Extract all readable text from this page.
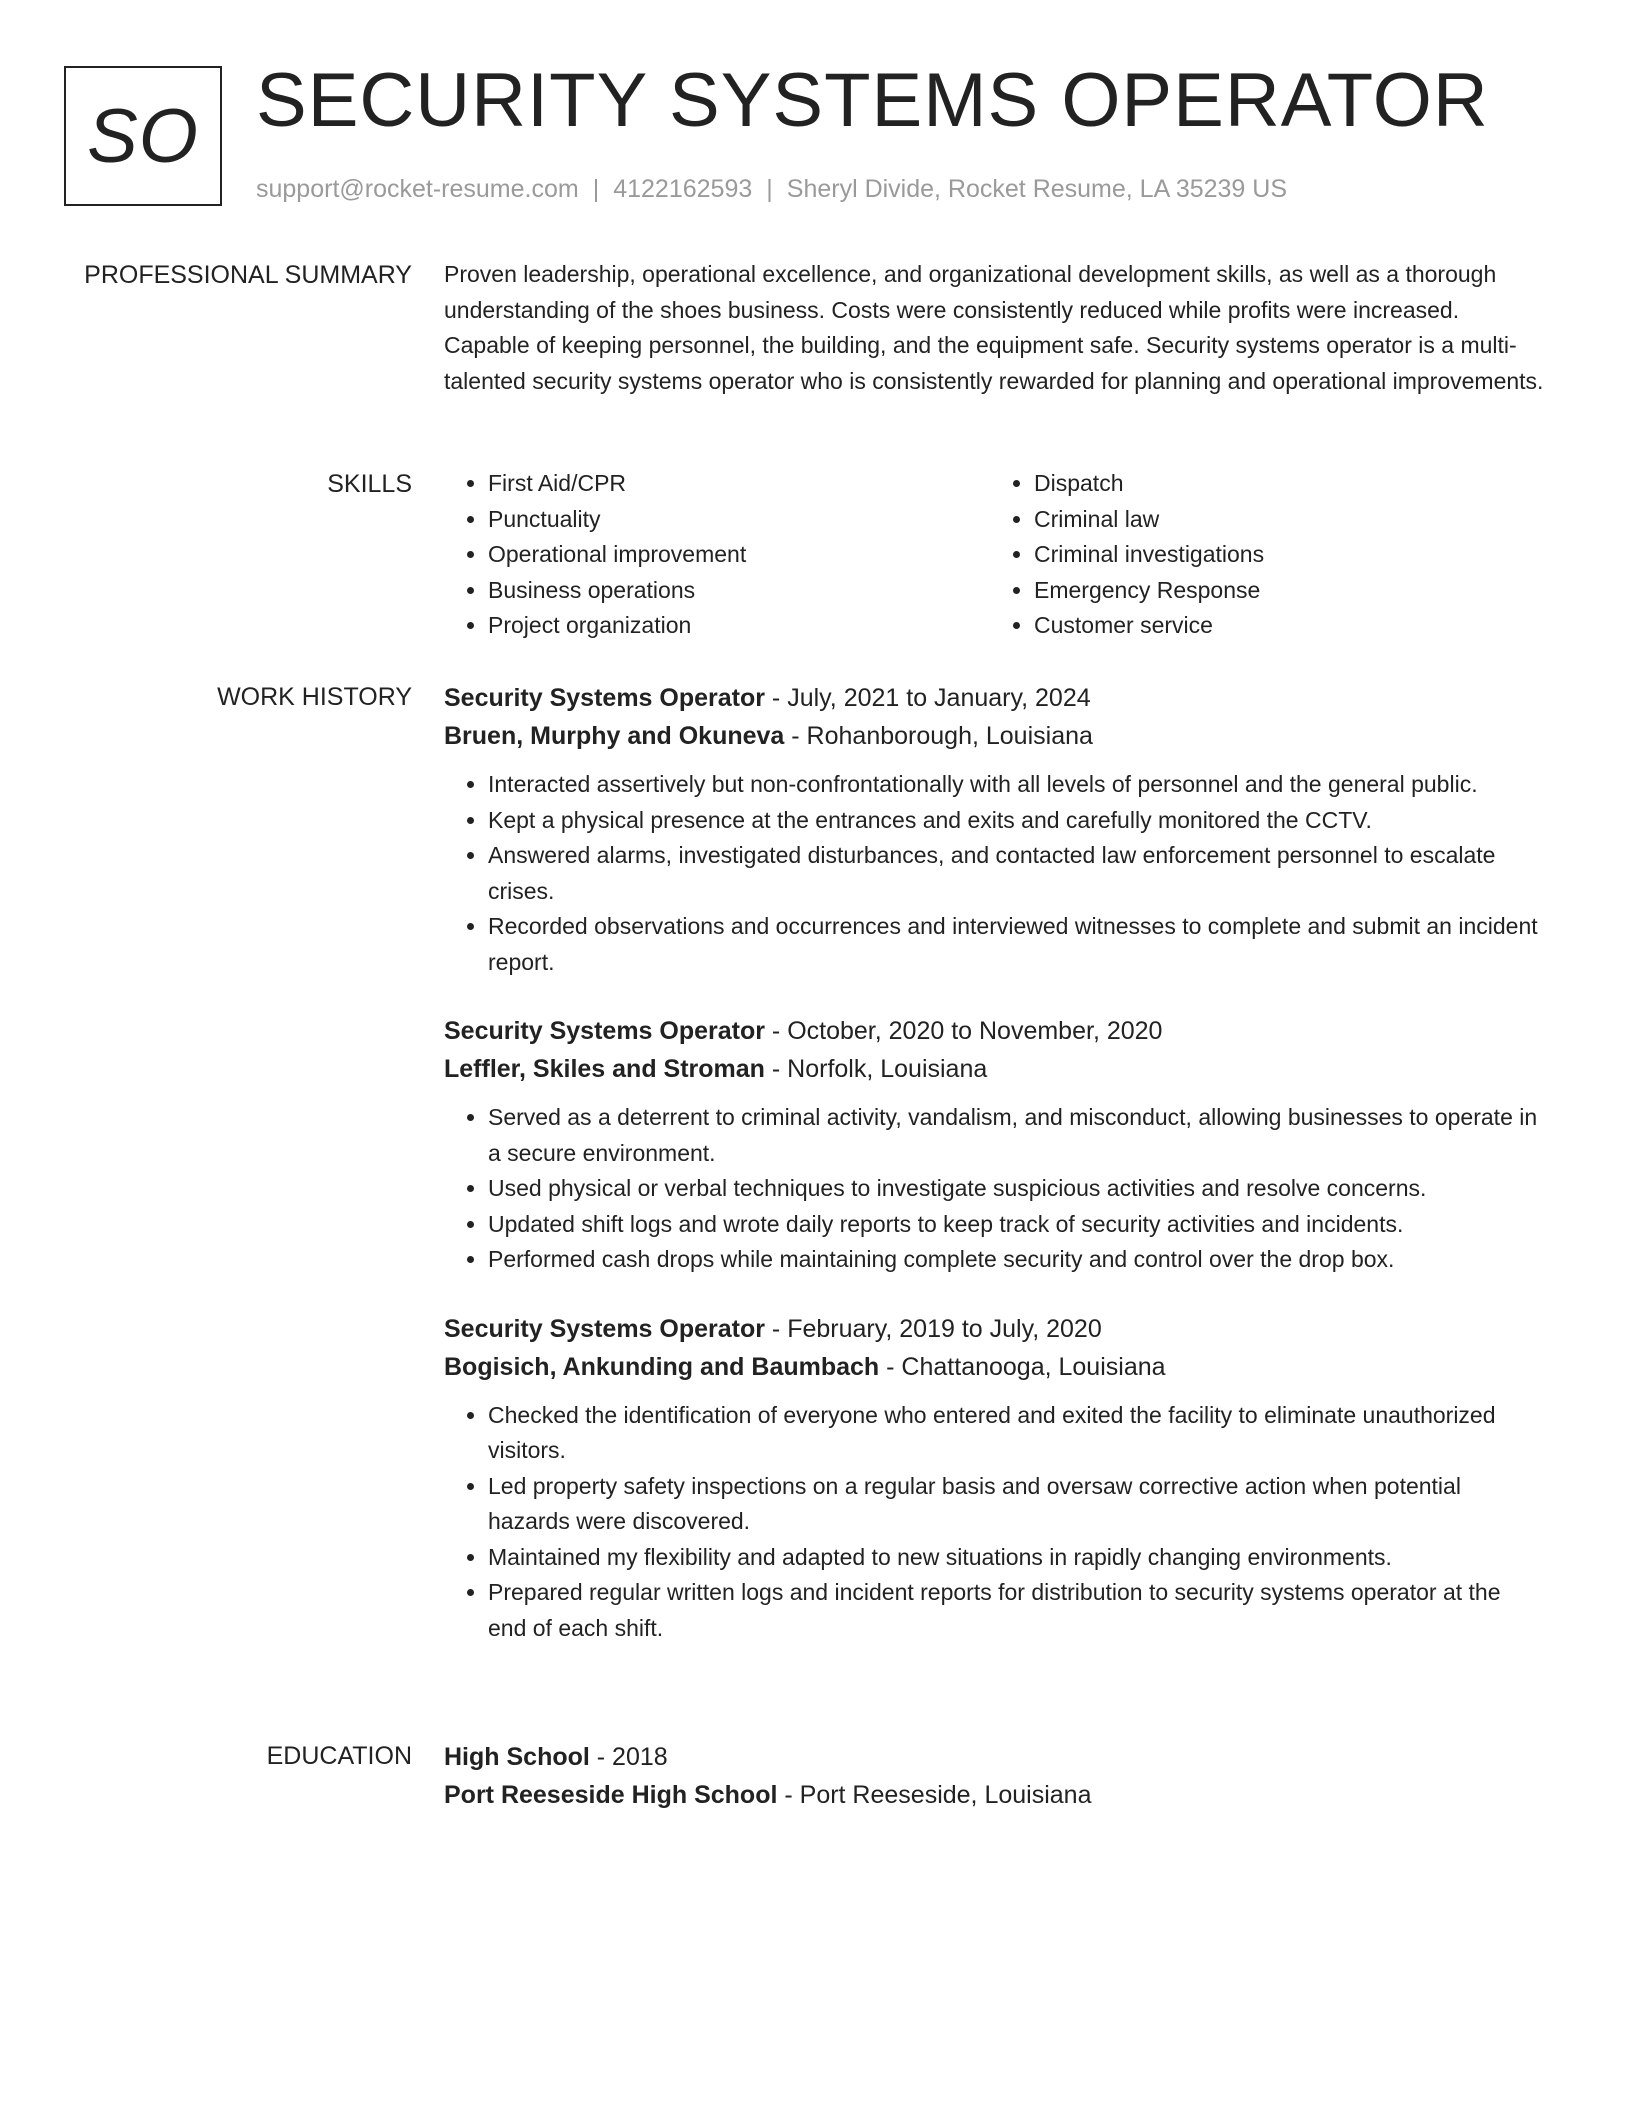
SO SECURITY SYSTEMS OPERATOR
support@rocket-resume.com | 4122162593 | Sheryl Divide, Rocket Resume, LA 35239 US
PROFESSIONAL SUMMARY Proven leadership, operational excellence, and organizational development skills, as well as a thorough understanding of the shoes business. Costs were consistently reduced while profits were increased. Capable of keeping personnel, the building, and the equipment safe. Security systems operator is a multi-talented security systems operator who is consistently rewarded for planning and operational improvements.

SKILLS
•	First Aid/CPR
• Punctuality
• Operational improvement
• Business operations
• Project organization
• Dispatch
• Criminal law
• Criminal investigations
• Emergency Response
• Customer service
WORK HISTORY Security Systems Operator - July, 2021 to January, 2024
Bruen, Murphy and Okuneva - Rohanborough, Louisiana
• Interacted assertively but non-confrontationally with all levels of personnel and the general public.
• Kept a physical presence at the entrances and exits and carefully monitored the CCTV.
• Answered alarms, investigated disturbances, and contacted law enforcement personnel to escalate crises.
• Recorded observations and occurrences and interviewed witnesses to complete and submit an incident report.
Security Systems Operator - October, 2020 to November, 2020
Leffler, Skiles and Stroman - Norfolk, Louisiana
• Served as a deterrent to criminal activity, vandalism, and misconduct, allowing businesses to operate in a secure environment.
• Used physical or verbal techniques to investigate suspicious activities and resolve concerns.
• Updated shift logs and wrote daily reports to keep track of security activities and incidents.
• Performed cash drops while maintaining complete security and control over the drop box.
Security Systems Operator - February, 2019 to July, 2020
Bogisich, Ankunding and Baumbach - Chattanooga, Louisiana
• Checked the identification of everyone who entered and exited the facility to eliminate unauthorized visitors.
• Led property safety inspections on a regular basis and oversaw corrective action when potential hazards were discovered.
• Maintained my flexibility and adapted to new situations in rapidly changing environments.
• Prepared regular written logs and incident reports for distribution to security systems operator at the end of each shift.
EDUCATION High School - 2018
Port Reeseside High School - Port Reeseside, Louisiana
